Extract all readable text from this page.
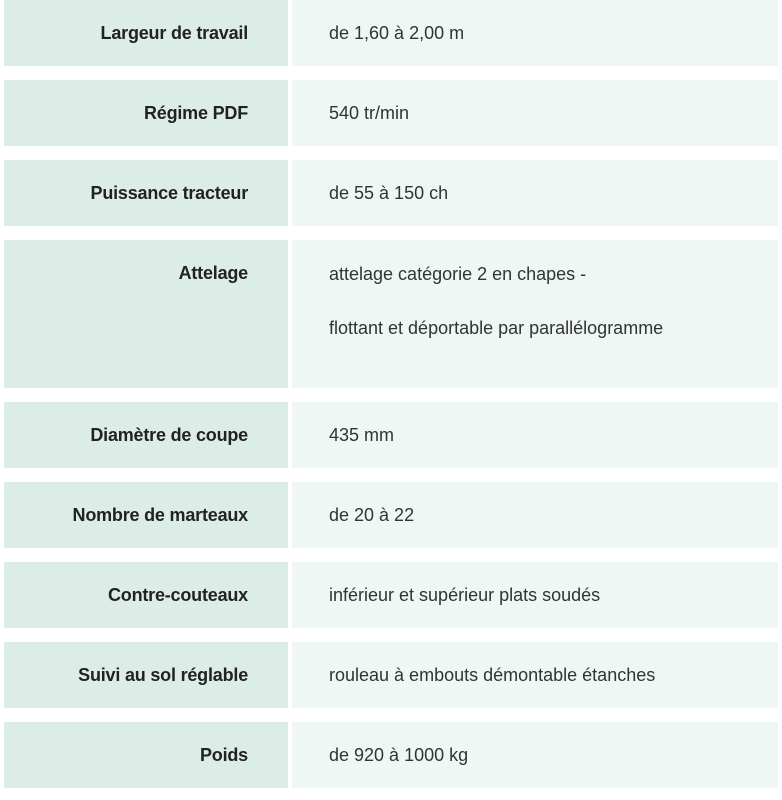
Largeur de travail	de 1,60 à 2,00 m
Régime PDF	540 tr/min
Puissance tracteur	de 55 à 150 ch
Attelage	attelage catégorie 2 en chapes -
flottant et déportable par parallélogramme
Diamètre de coupe	435 mm
Nombre de marteaux	de 20 à 22
Contre-couteaux	inférieur et supérieur plats soudés
Suivi au sol réglable	rouleau à embouts démontable étanches
Poids	de 920 à 1000 kg
